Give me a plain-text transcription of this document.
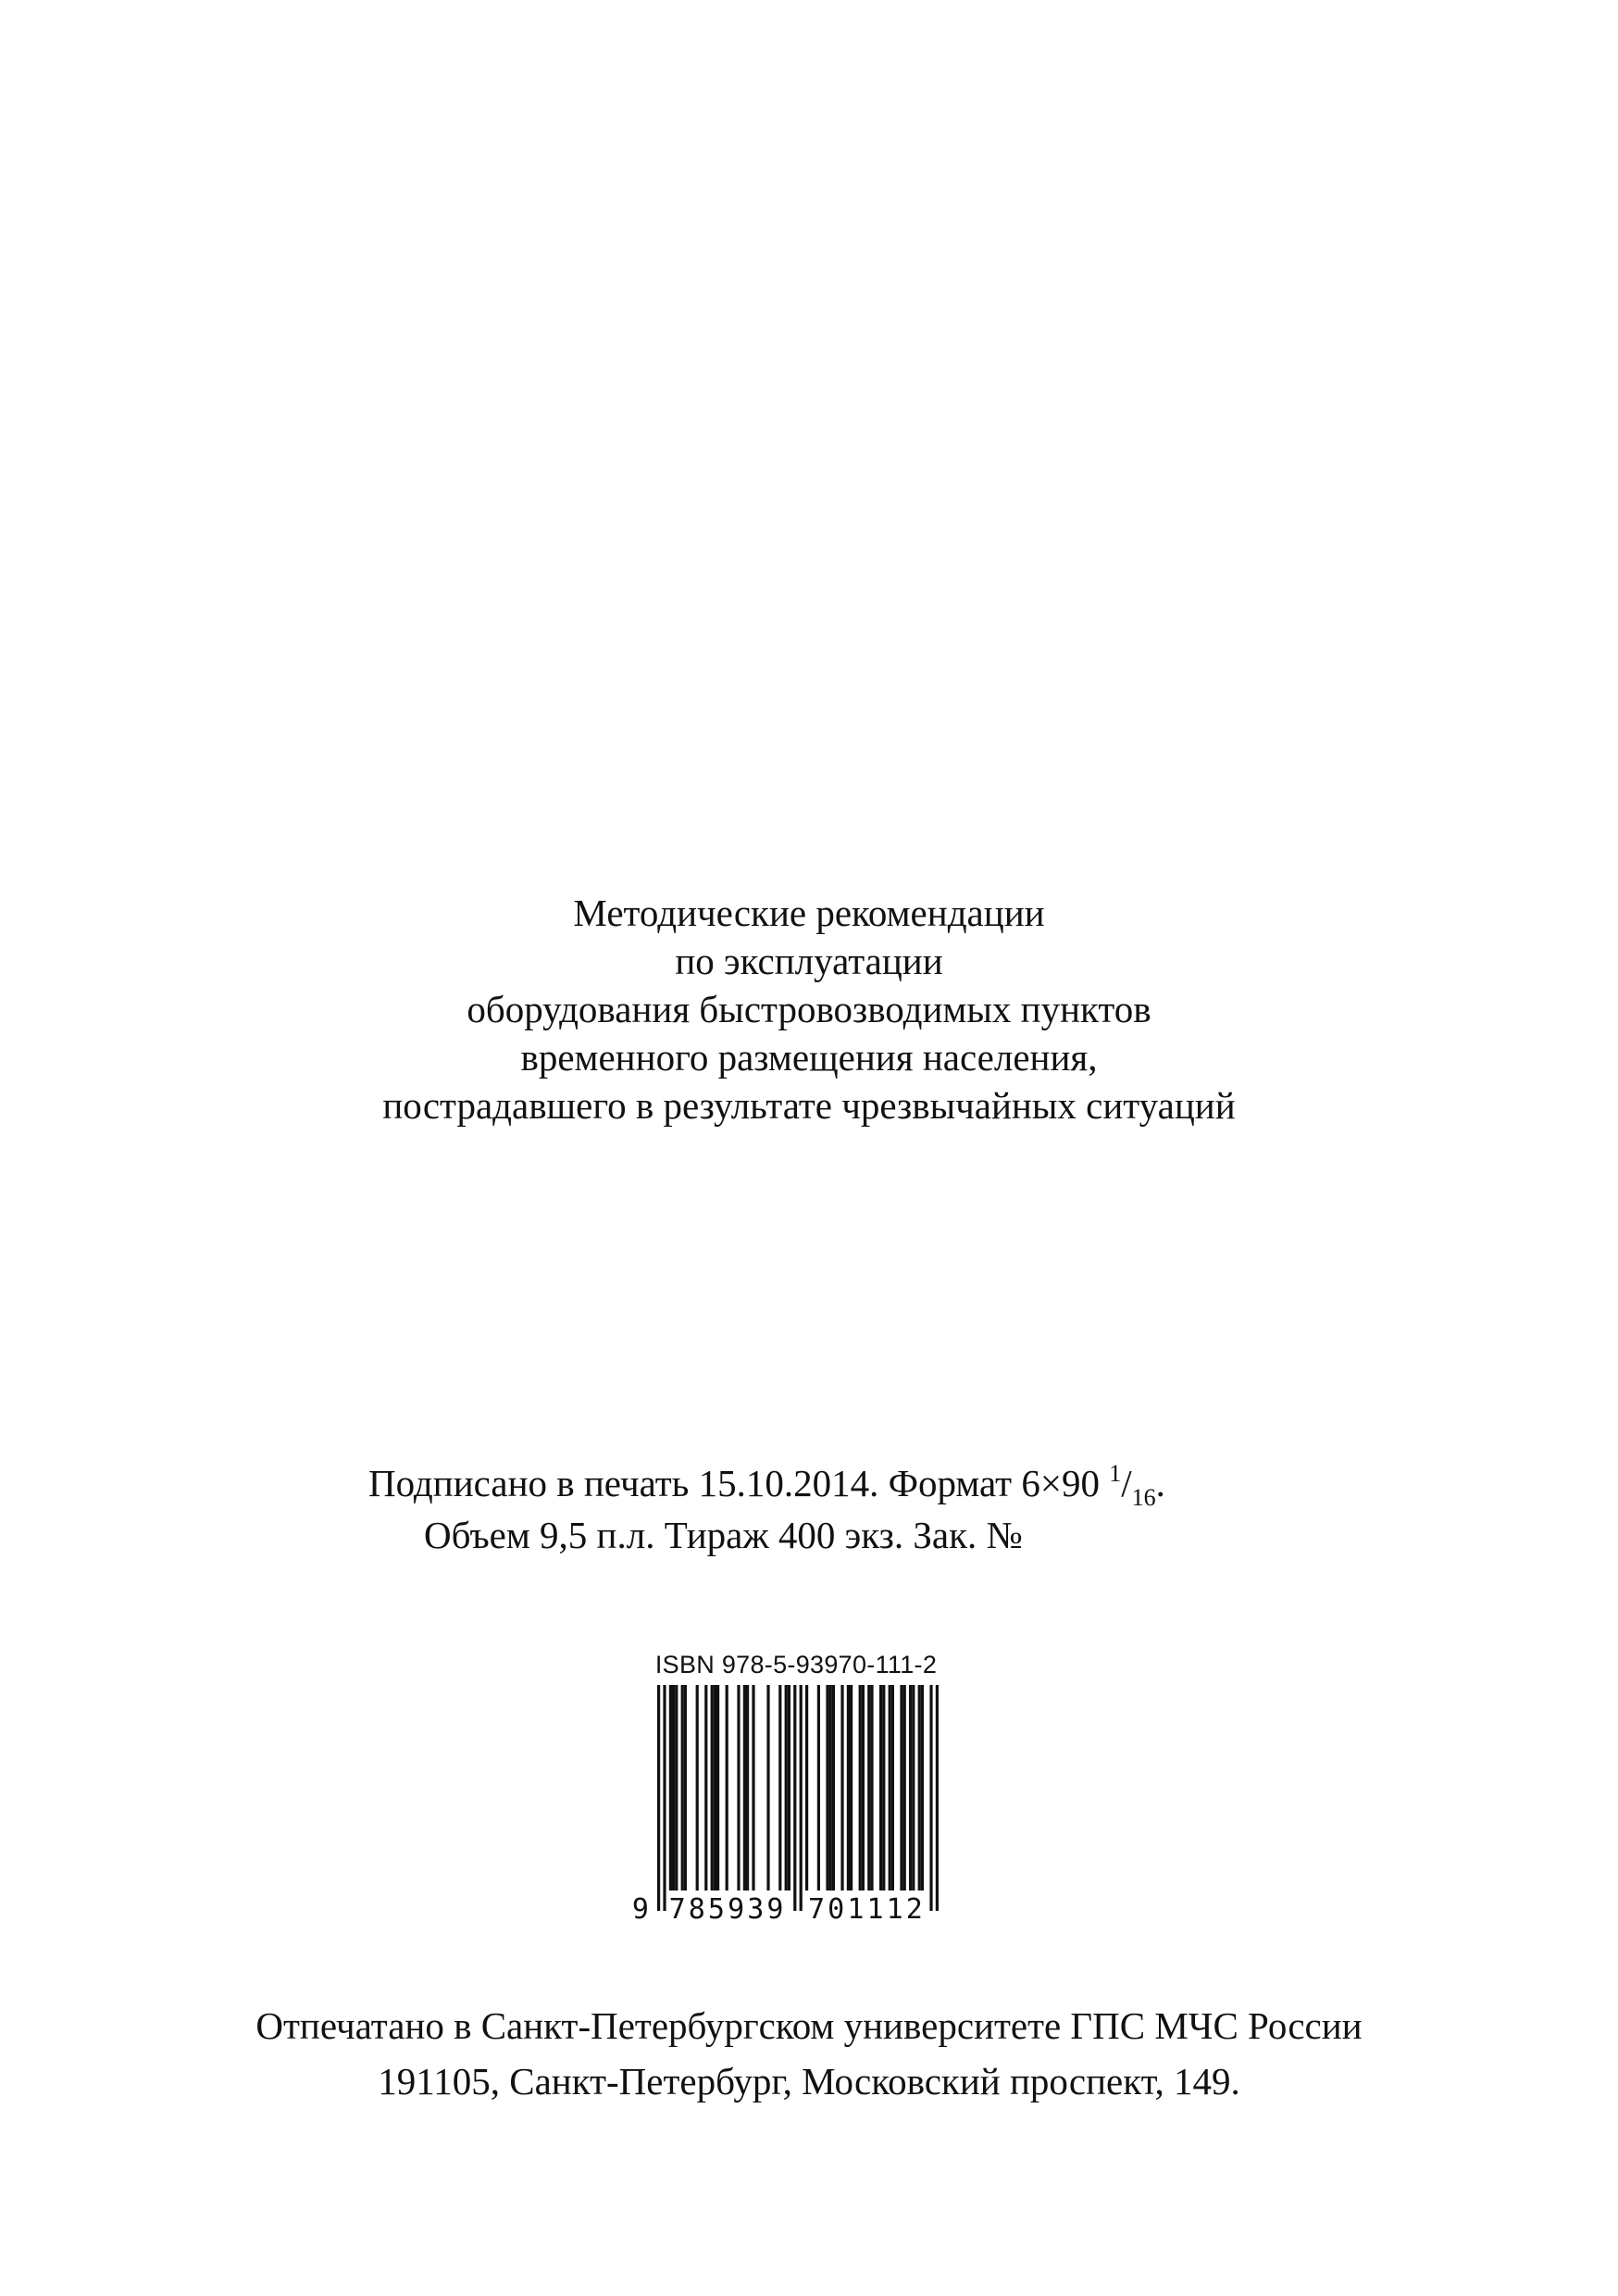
Методические рекомендации
по эксплуатации
оборудования быстровозводимых пунктов
временного размещения населения,
пострадавшего в результате чрезвычайных ситуаций
Подписано в печать 15.10.2014. Формат 6×90 $^1/_{16}$.
Объем 9,5 п.л. Тираж 400 экз. Зак. №
ISBN 978-5-93970-111-2
9 785939 701112
Отпечатано в Санкт-Петербургском университете ГПС МЧС России
191105, Санкт-Петербург, Московский проспект, 149.
